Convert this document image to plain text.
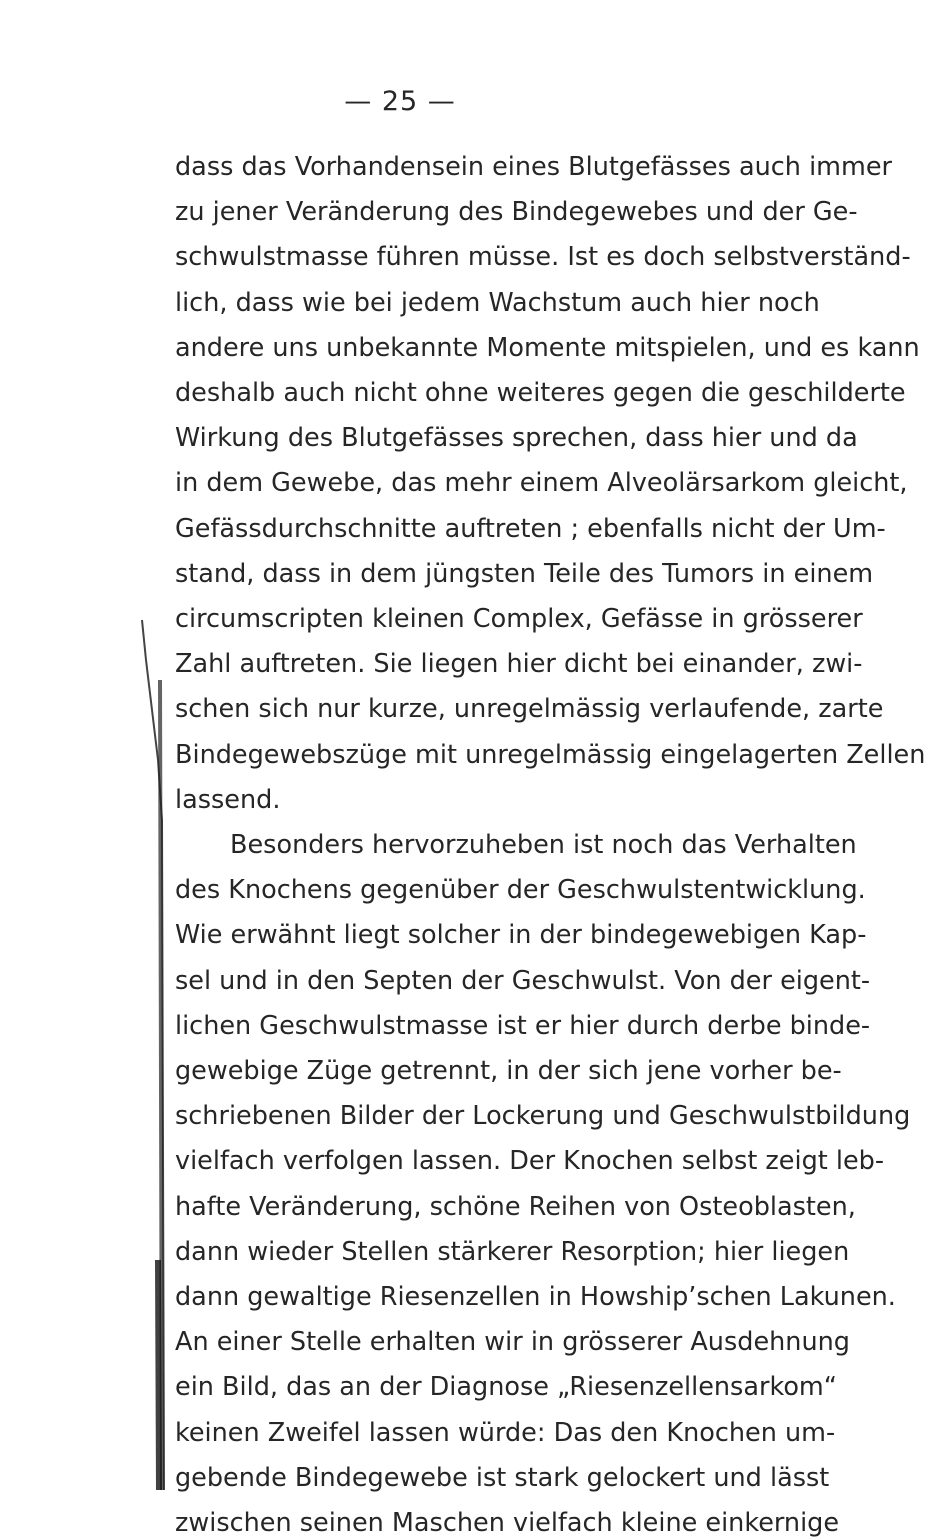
— 25 —
dass das Vorhandensein eines Blutgefässes auch immer
zu jener Veränderung des Bindegewebes und der Ge-
schwulstmasse führen müsse. Ist es doch selbstverständ-
lich, dass wie bei jedem Wachstum auch hier noch
andere uns unbekannte Momente mitspielen, und es kann
deshalb auch nicht ohne weiteres gegen die geschilderte
Wirkung des Blutgefässes sprechen, dass hier und da
in dem Gewebe, das mehr einem Alveolärsarkom gleicht,
Gefässdurchschnitte auftreten ; ebenfalls nicht der Um-
stand, dass in dem jüngsten Teile des Tumors in einem
circumscripten kleinen Complex, Gefässe in grösserer
Zahl auftreten. Sie liegen hier dicht bei einander, zwi-
schen sich nur kurze, unregelmässig verlaufende, zarte
Bindegewebszüge mit unregelmässig eingelagerten Zellen
lassend.
Besonders hervorzuheben ist noch das Verhalten
des Knochens gegenüber der Geschwulstentwicklung.
Wie erwähnt liegt solcher in der bindegewebigen Kap-
sel und in den Septen der Geschwulst. Von der eigent-
lichen Geschwulstmasse ist er hier durch derbe binde-
gewebige Züge getrennt, in der sich jene vorher be-
schriebenen Bilder der Lockerung und Geschwulstbildung
vielfach verfolgen lassen. Der Knochen selbst zeigt leb-
hafte Veränderung, schöne Reihen von Osteoblasten,
dann wieder Stellen stärkerer Resorption; hier liegen
dann gewaltige Riesenzellen in Howship’schen Lakunen.
An einer Stelle erhalten wir in grösserer Ausdehnung
ein Bild, das an der Diagnose „Riesenzellensarkom“
keinen Zweifel lassen würde: Das den Knochen um-
gebende Bindegewebe ist stark gelockert und lässt
zwischen seinen Maschen vielfach kleine einkernige
